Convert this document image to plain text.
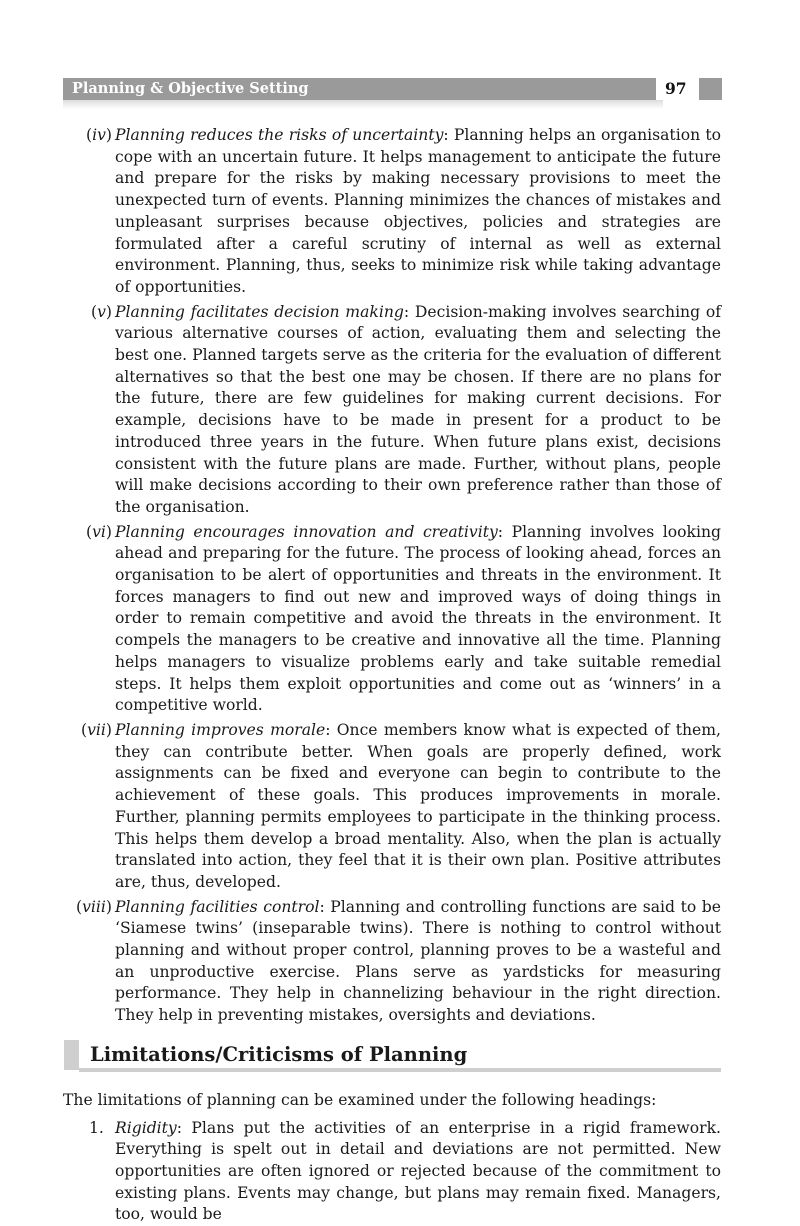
Planning & Objective Setting	97
(iv) Planning reduces the risks of uncertainty: Planning helps an organisation to cope with an uncertain future. It helps management to anticipate the future and prepare for the risks by making necessary provisions to meet the unexpected turn of events. Planning minimizes the chances of mistakes and unpleasant surprises because objectives, policies and strategies are formulated after a careful scrutiny of internal as well as external environment. Planning, thus, seeks to minimize risk while taking advantage of opportunities.
(v) Planning facilitates decision making: Decision-making involves searching of various alternative courses of action, evaluating them and selecting the best one. Planned targets serve as the criteria for the evaluation of different alternatives so that the best one may be chosen. If there are no plans for the future, there are few guidelines for making current decisions. For example, decisions have to be made in present for a product to be introduced three years in the future. When future plans exist, decisions consistent with the future plans are made. Further, without plans, people will make decisions according to their own preference rather than those of the organisation.
(vi) Planning encourages innovation and creativity: Planning involves looking ahead and preparing for the future. The process of looking ahead, forces an organisation to be alert of opportunities and threats in the environment. It forces managers to find out new and improved ways of doing things in order to remain competitive and avoid the threats in the environment. It compels the managers to be creative and innovative all the time. Planning helps managers to visualize problems early and take suitable remedial steps. It helps them exploit opportunities and come out as ‘winners’ in a competitive world.
(vii) Planning improves morale: Once members know what is expected of them, they can contribute better. When goals are properly defined, work assignments can be fixed and everyone can begin to contribute to the achievement of these goals. This produces improvements in morale. Further, planning permits employees to participate in the thinking process. This helps them develop a broad mentality. Also, when the plan is actually translated into action, they feel that it is their own plan. Positive attributes are, thus, developed.
(viii) Planning facilities control: Planning and controlling functions are said to be ‘Siamese twins’ (inseparable twins). There is nothing to control without planning and without proper control, planning proves to be a wasteful and an unproductive exercise. Plans serve as yardsticks for measuring performance. They help in channelizing behaviour in the right direction. They help in preventing mistakes, oversights and deviations.
Limitations/Criticisms of Planning
The limitations of planning can be examined under the following headings:
1. Rigidity: Plans put the activities of an enterprise in a rigid framework. Everything is spelt out in detail and deviations are not permitted. New opportunities are often ignored or rejected because of the commitment to existing plans. Events may change, but plans may remain fixed. Managers, too, would be
